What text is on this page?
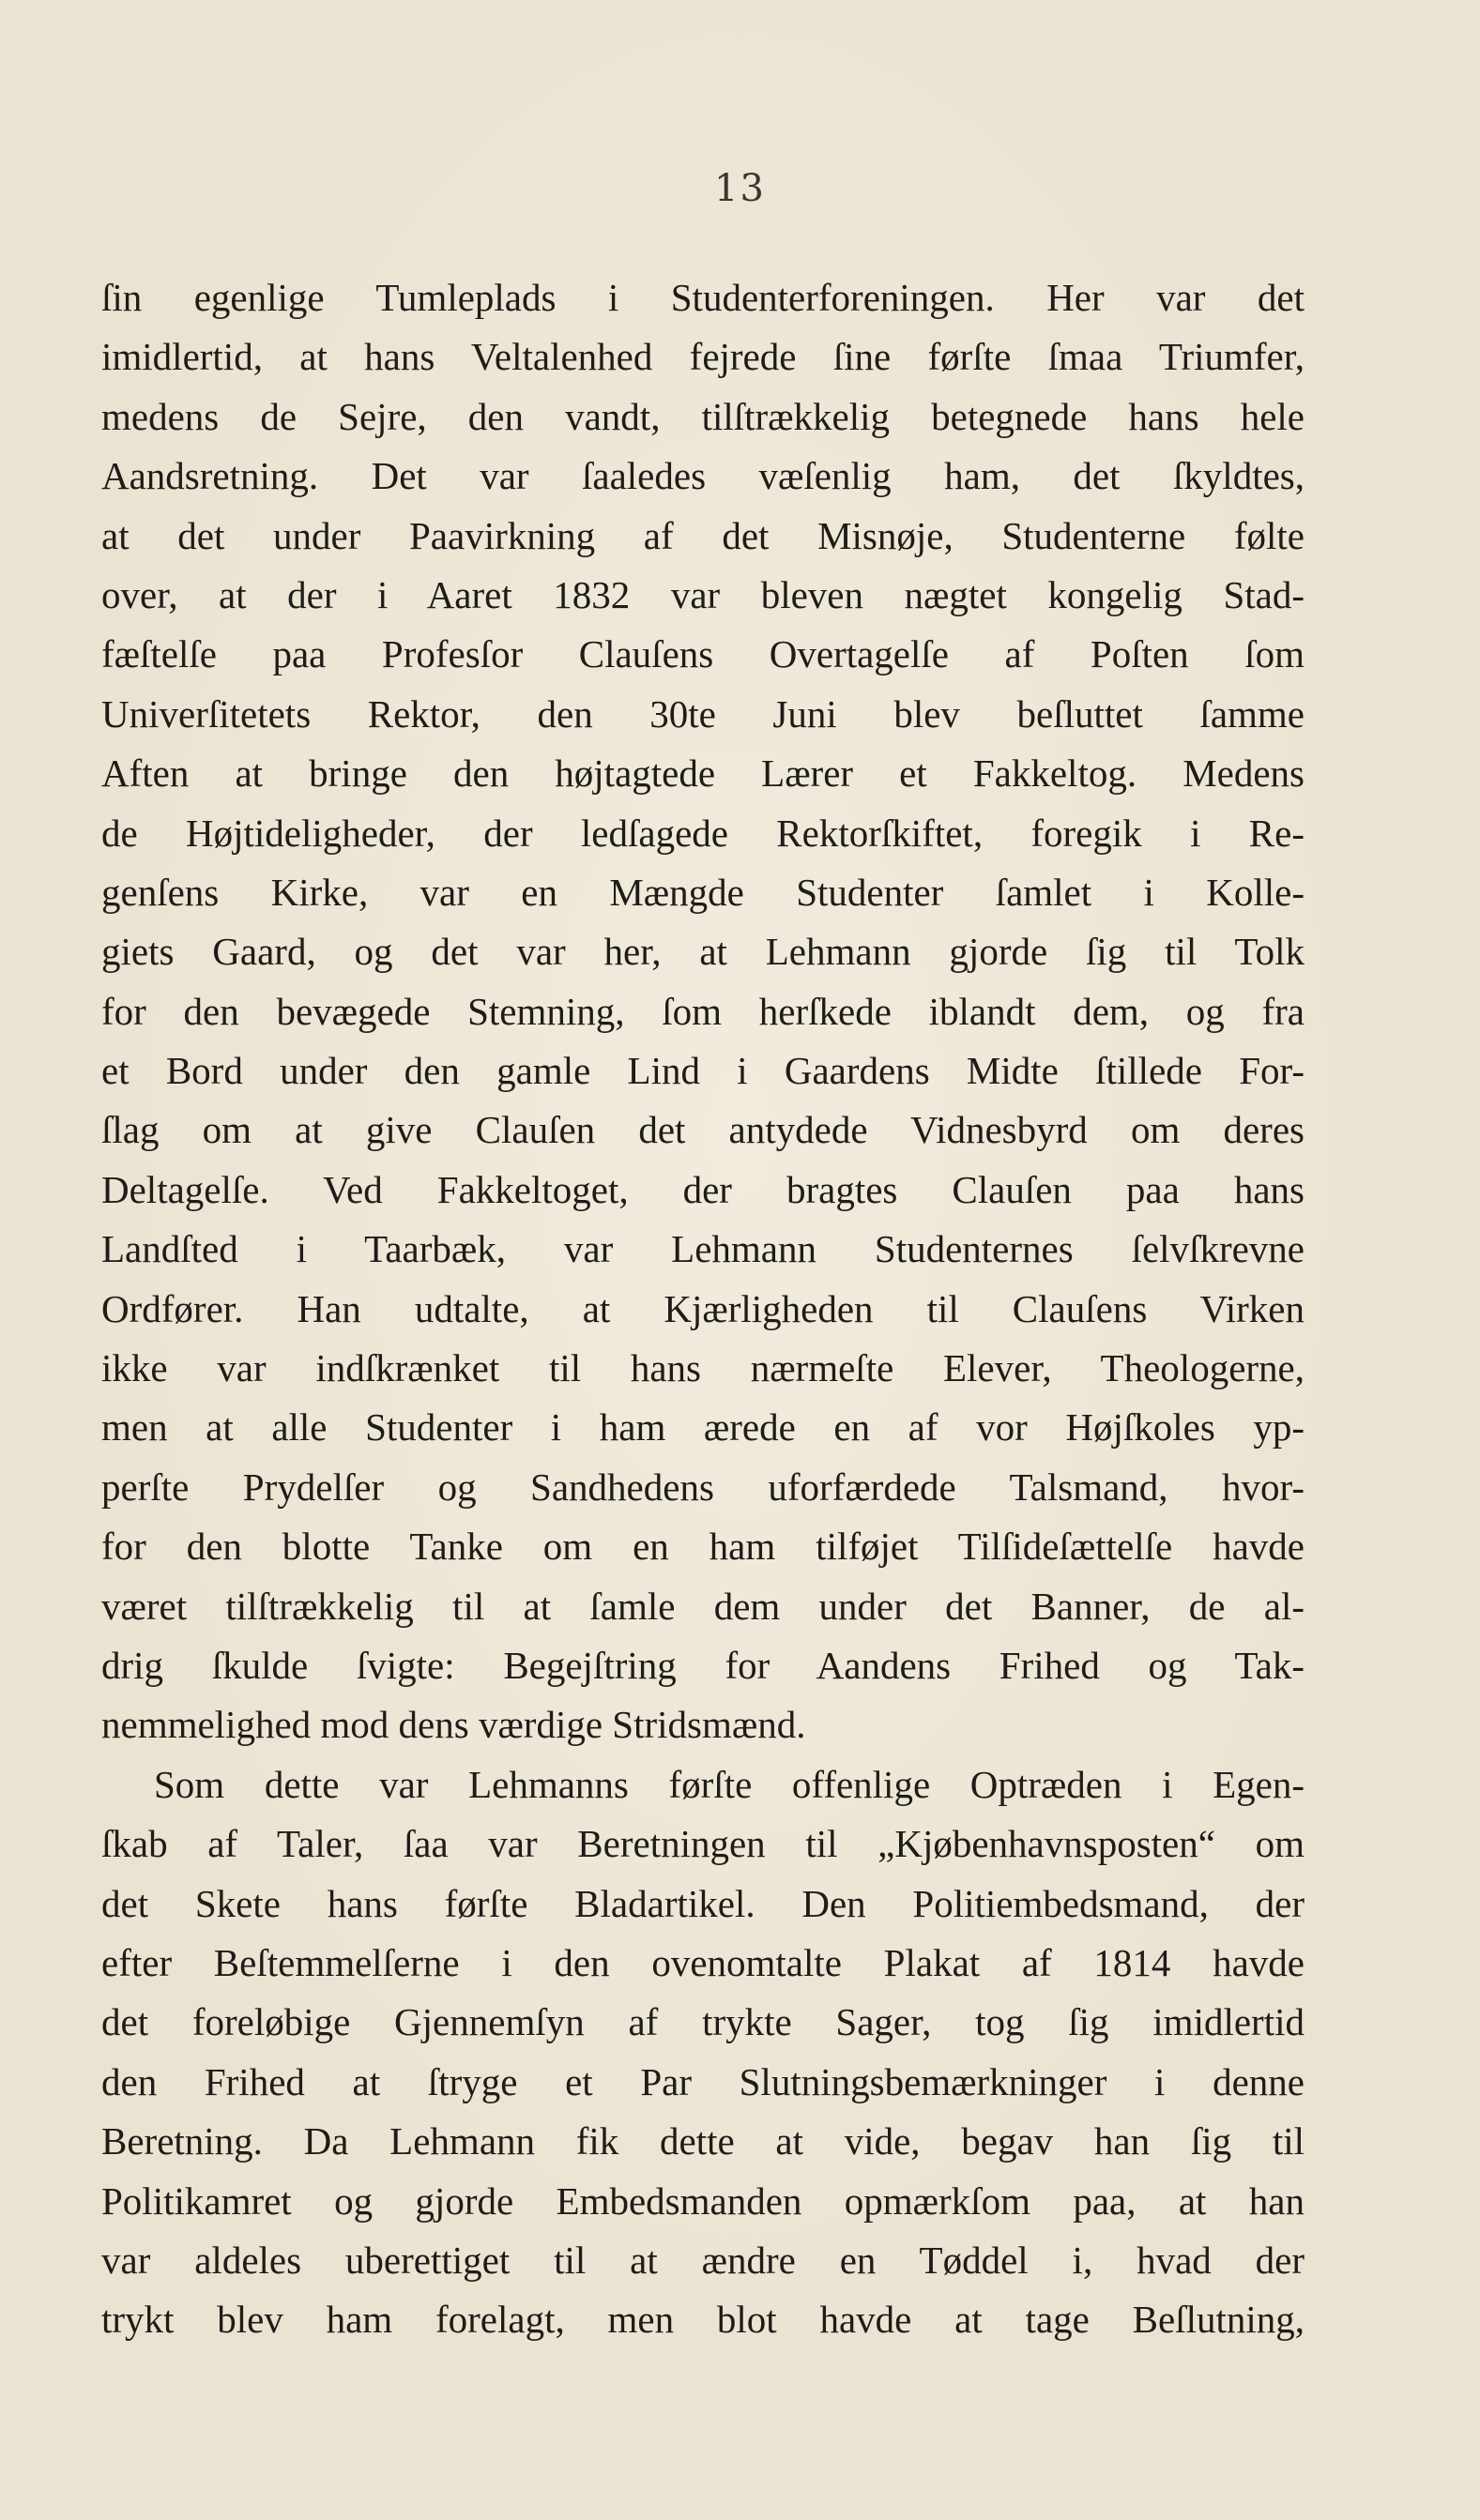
13
ſin egenlige Tumleplads i Studenterforeningen. Her var det
imidlertid, at hans Veltalenhed fejrede ſine førſte ſmaa Triumfer,
medens de Sejre, den vandt, tilſtrækkelig betegnede hans hele
Aandsretning. Det var ſaaledes væſenlig ham, det ſkyldtes,
at det under Paavirkning af det Misnøje, Studenterne følte
over, at der i Aaret 1832 var bleven nægtet kongelig Stad-
fæſtelſe paa Profesſor Clauſens Overtagelſe af Poſten ſom
Univerſitetets Rektor, den 30te Juni blev beſluttet ſamme
Aften at bringe den højtagtede Lærer et Fakkeltog. Medens
de Højtideligheder, der ledſagede Rektorſkiftet, foregik i Re-
genſens Kirke, var en Mængde Studenter ſamlet i Kolle-
giets Gaard, og det var her, at Lehmann gjorde ſig til Tolk
for den bevægede Stemning, ſom herſkede iblandt dem, og fra
et Bord under den gamle Lind i Gaardens Midte ſtillede For-
ſlag om at give Clauſen det antydede Vidnesbyrd om deres
Deltagelſe. Ved Fakkeltoget, der bragtes Clauſen paa hans
Landſted i Taarbæk, var Lehmann Studenternes ſelvſkrevne
Ordfører. Han udtalte, at Kjærligheden til Clauſens Virken
ikke var indſkrænket til hans nærmeſte Elever, Theologerne,
men at alle Studenter i ham ærede en af vor Højſkoles yp-
perſte Prydelſer og Sandhedens uforfærdede Talsmand, hvor-
for den blotte Tanke om en ham tilføjet Tilſideſættelſe havde
været tilſtrækkelig til at ſamle dem under det Banner, de al-
drig ſkulde ſvigte: Begejſtring for Aandens Frihed og Tak-
nemmelighed mod dens værdige Stridsmænd.
Som dette var Lehmanns førſte offenlige Optræden i Egen-
ſkab af Taler, ſaa var Beretningen til „Kjøbenhavnsposten“ om
det Skete hans førſte Bladartikel. Den Politiembedsmand, der
efter Beſtemmelſerne i den ovenomtalte Plakat af 1814 havde
det foreløbige Gjennemſyn af trykte Sager, tog ſig imidlertid
den Frihed at ſtryge et Par Slutningsbemærkninger i denne
Beretning. Da Lehmann fik dette at vide, begav han ſig til
Politikamret og gjorde Embedsmanden opmærkſom paa, at han
var aldeles uberettiget til at ændre en Tøddel i, hvad der
trykt blev ham forelagt, men blot havde at tage Beſlutning,
